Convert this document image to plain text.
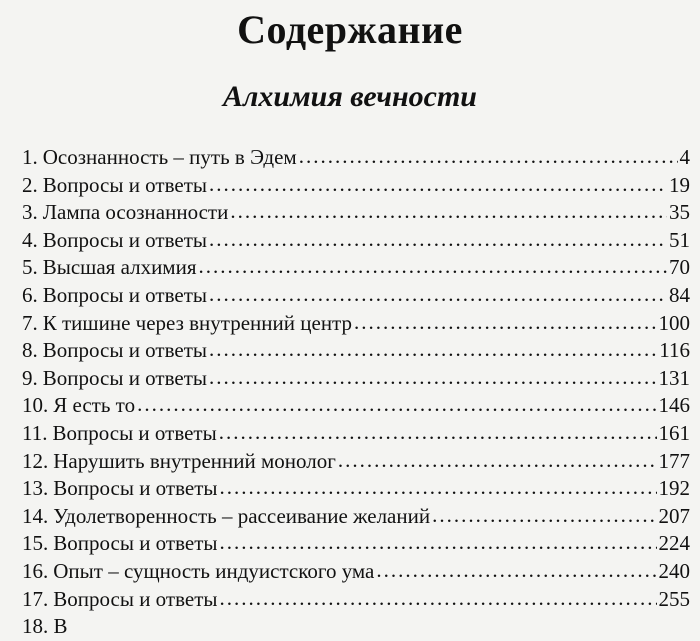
Содержание
Алхимия вечности
1. Осознанность – путь в Эдем .....	4
2. Вопросы и ответы .....	19
3. Лампа осознанности .....	35
4. Вопросы и ответы .....	51
5. Высшая алхимия .....	70
6. Вопросы и ответы .....	84
7. К тишине через внутренний центр .....	100
8. Вопросы и ответы .....	116
9. Вопросы и ответы .....	131
10. Я есть то .....	146
11. Вопросы и ответы .....	161
12. Нарушить внутренний монолог .....	177
13. Вопросы и ответы .....	192
14. Удолетворенность – рассеивание желаний .....	207
15. Вопросы и ответы .....	224
16. Опыт – сущность индуистского ума .....	240
17. Вопросы и ответы .....	255
18. В
